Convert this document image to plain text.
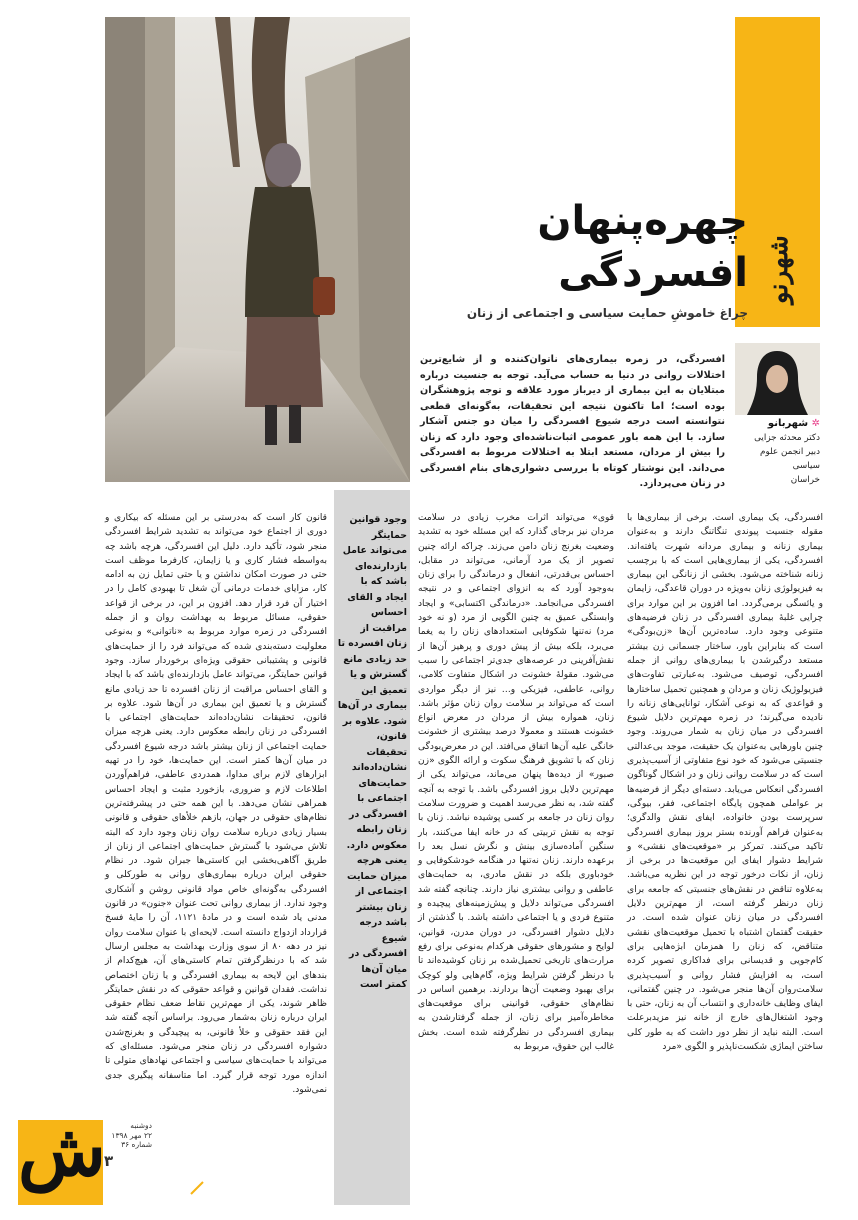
شهرنو
چهره‌پنهان
افسردگی
چراغ خاموشِ حمایت سیاسی و اجتماعی از زنان
افسردگی، در زمره بیماری‌های ناتوان‌کننده و از شایع‌ترین اختلالات روانی در دنیا به حساب می‌آید. توجه به جنسیت درباره مبتلایان به این بیماری از دیرباز مورد علاقه و توجه پژوهشگران بوده است؛ اما تاکنون نتیجه این تحقیقات، به‌گونه‌ای قطعی نتوانسته است درجه شیوع افسردگی را میان دو جنس آشکار سازد. با این همه باور عمومی اثبات‌ناشده‌ای وجود دارد که زنان را بیش از مردان، مستعد ابتلا به اختلالات مربوط به افسردگی می‌داند. این نوشتار کوتاه با بررسی دشواری‌های بنام افسردگی در زنان می‌پردازد.
✲ شهربانو
دکتر محدثه جزایی
دبیر انجمن علوم سیاسی
خراسان
وجود قوانین حمایتگر می‌تواند عامل بازدارنده‌ای باشد که با ایجاد و القای احساس مراقبت از زنان افسرده تا حد زیادی مانع گسترش و یا تعمیق این بیماری در آن‌ها شود. علاوه بر قانون، تحقیقات نشان‌داده‌اند حمایت‌های اجتماعی با افسردگی در زنان رابطه معکوس دارد. یعنی هرچه میزان حمایت اجتماعی از زنان بیشتر باشد درجه شیوع افسردگی در میان آن‌ها کمتر است
افسردگی، یک بیماری است. برخی از بیماری‌ها با مقوله جنسیت پیوندی تنگاتنگ دارند و به‌عنوان بیماری زنانه و بیماری مردانه شهرت یافته‌اند. افسردگی، یکی از بیماری‌هایی است که با برچسب زنانه شناخته می‌شود. بخشی از زنانگی این بیماری به فیزیولوژی زنان به‌ویژه در دوران قاعدگی، زایمان و یائسگی برمی‌گردد. اما افزون بر این موارد برای چرایی غلبهٔ بیماری افسردگی در زنان فرضیه‌های متنوعی وجود دارد. ساده‌ترین آن‌ها «زن‌بودگی» است که بنابراین باور، ساختار جسمانی زن بیشتر مستعد درگیرشدن با بیماری‌های روانی از جمله افسردگی، توصیف می‌شود. به‌عبارتی تفاوت‌های فیزیولوژیک زنان و مردان و همچنین تحمیل ساختارها و قواعدی که به نوعی آشکار، توانایی‌های زنانه را نادیده می‌گیرند؛ در زمره مهم‌ترین دلایل شیوع افسردگی در میان زنان به شمار می‌روند. وجود چنین باورهایی به‌عنوان یک حقیقت، موجد بی‌عدالتی جنسیتی می‌شود که خود نوع متفاوتی از آسیب‌پذیری است که در سلامت روانی زنان و در اشکال گوناگون افسردگی انعکاس می‌یابد. دسته‌ای دیگر از فرضیه‌ها بر عواملی همچون پایگاه اجتماعی، فقر، بیوگی، سرپرست بودن خانواده، ایفای نقش والدگری؛ به‌عنوان فراهم آورنده بستر بروز بیماری افسردگی تاکید می‌کنند. تمرکز بر «موقعیت‌های نقشی» و شرایط دشوار ایفای این موقعیت‌ها در برخی از زنان، از نکات درخور توجه در این نظریه می‌باشد. به‌علاوه تناقض در نقش‌های جنسیتی که جامعه برای زنان درنظر گرفته است، از مهم‌ترین دلایل افسردگی در میان زنان عنوان شده است. در حقیقت گفتمان اشتباه با تحمیل موقعیت‌های نقشی متناقض، که زنان را همزمان ابژه‌هایی برای کام‌جویی و قدیسانی برای فداکاری تصویر کرده است، به افزایش فشار روانی و آسیب‌پذیری سلامت‌روان آن‌ها منجر می‌شود. در چنین گفتمانی، ایفای وظایف خانه‌داری و انتساب آن به زنان، حتی با وجود اشتغال‌های خارج از خانه نیز مزیدبرعلت است. البته نباید از نظر دور داشت که به طور کلی ساختن ایماژی شکست‌ناپذیر و الگوی «مرد
قوی» می‌تواند اثرات مخرب زیادی در سلامت مردان نیز برجای گذارد که این مسئله خود به تشدید وضعیت بغرنج زنان دامن می‌زند. چراکه ارائه چنین تصویر از یک مرد آرمانی، می‌تواند در مقابل، احساس بی‌قدرتی، انفعال و درماندگی را برای زنان به‌وجود آورد که به انزوای اجتماعی و در نتیجه افسردگی می‌انجامد. «درماندگی اکتسابی» و ایجاد وابستگی عمیق به چنین الگویی از مرد (و نه خود مرد) نه‌تنها شکوفایی استعدادهای زنان را به یغما می‌برد، بلکه بیش از پیش دوری و پرهیز آن‌ها از نقش‌آفرینی در عرصه‌های جدی‌تر اجتماعی را سبب می‌شود. مقولهٔ خشونت در اشکال متفاوت کلامی، روانی، عاطفی، فیزیکی و… نیز از دیگر مواردی است که می‌تواند بر سلامت روان زنان مؤثر باشد. زنان، همواره بیش از مردان در معرض انواع خشونت هستند و معمولا درصد بیشتری از خشونت خانگی علیه آن‌ها اتفاق می‌افتد. این در معرض‌بودگی زنان که با تشویق فرهنگ سکوت و ارائه الگوی «زن صبور» از دیده‌ها پنهان می‌ماند، می‌تواند یکی از مهم‌ترین دلایل بروز افسردگی باشد. با توجه به آنچه گفته شد، به نظر می‌رسد اهمیت و ضرورت سلامت روان زنان در جامعه بر کسی پوشیده نباشد. زنان با توجه به نقش تربیتی که در خانه ایفا می‌کنند، بار سنگین آماده‌سازی بینش و نگرش نسل بعد را برعهده دارند. زنان نه‌تنها در هنگامه خودشکوفایی و خودباوری بلکه در نقش مادری، به حمایت‌های عاطفی و روانی بیشتری نیاز دارند. چنانچه گفته شد افسردگی می‌تواند دلایل و پیش‌زمینه‌های پیچیده و متنوع فردی و یا اجتماعی داشته باشد. با گذشتن از دلایل دشوار افسردگی، در دوران مدرن، قوانین، لوایح و مشورهای حقوقی هرکدام به‌نوعی برای رفع مرارت‌های تاریخی تحمیل‌شده بر زنان کوشیده‌اند تا با درنظر گرفتن شرایط ویژه، گام‌هایی ولو کوچک برای بهبود وضعیت آن‌ها بردارند. برهمین اساس در نظام‌های حقوقی، قوانینی برای موقعیت‌های مخاطره‌آمیز برای زنان، از جمله گرفتارشدن به بیماری افسردگی در نظرگرفته شده است. بخش غالب این حقوق، مربوط به
قانون کار است که به‌درستی بر این مسئله که بیکاری و دوری از اجتماع خود می‌تواند به تشدید شرایط افسردگی منجر شود، تأکید دارد. دلیل این افسردگی، هرچه باشد چه به‌واسطه فشار کاری و یا زایمان، کارفرما موظف است حتی در صورت امکان نداشتن و یا حتی تمایل زن به ادامه کار، مزایای خدمات درمانی آن شغل تا بهبودی کامل را در اختیار آن فرد قرار دهد. افزون بر این، در برخی از قواعد حقوقی، مسائل مربوط به بهداشت روان و از جمله افسردگی در زمره موارد مربوط به «ناتوانی» و به‌نوعی معلولیت دسته‌بندی شده که می‌تواند فرد را از حمایت‌های قانونی و پشتیبانی حقوقی ویژه‌ای برخوردار سازد. وجود قوانین حمایتگر، می‌تواند عامل بازدارنده‌ای باشد که با ایجاد و القای احساس مراقبت از زنان افسرده تا حد زیادی مانع گسترش و یا تعمیق این بیماری در آن‌ها شود. علاوه بر قانون، تحقیقات نشان‌داده‌اند حمایت‌های اجتماعی با افسردگی در زنان رابطه معکوس دارد. یعنی هرچه میزان حمایت اجتماعی از زنان بیشتر باشد درجه شیوع افسردگی در میان آن‌ها کمتر است. این حمایت‌ها، خود را در تهیه ابزارهای لازم برای مداوا، همدردی عاطفی، فراهم‌آوردن اطلاعات لازم و ضروری، بازخورد مثبت و ایجاد احساس همراهی نشان می‌دهد. با این همه حتی در پیشرفته‌ترین نظام‌های حقوقی در جهان، بازهم خلأهای حقوقی و قانونی بسیار زیادی درباره سلامت روان زنان وجود دارد که البته تلاش می‌شود با گسترش حمایت‌های اجتماعی از زنان از طریق آگاهی‌بخشی این کاستی‌ها جبران شود. در نظام حقوقی ایران درباره بیماری‌های روانی به طورکلی و افسردگی به‌گونه‌ای خاص مواد قانونی روشن و آشکاری وجود ندارد. از بیماری روانی تحت عنوان «جنون» در قانون مدنی یاد شده است و در مادهٔ ۱۱۲۱، آن را مایهٔ فسخ قرارداد ازدواج دانسته است. لایحه‌ای با عنوان سلامت روان نیز در دهه ۸۰ از سوی وزارت بهداشت به مجلس ارسال شد که با درنظرگرفتن تمام کاستی‌های آن، هیچ‌کدام از بندهای این لایحه به بیماری افسردگی و یا زنان اختصاص نداشت. فقدان قوانین و قواعد حقوقی که در نقش حمایتگر ظاهر شوند، یکی از مهم‌ترین نقاط ضعف نظام حقوقی ایران درباره زنان به‌شمار می‌رود. براساس آنچه گفته شد این فقد حقوقی و خلأ قانونی، به پیچیدگی و بغرنج‌شدن دشواره افسردگی در زنان منجر می‌شود. مسئله‌ای که می‌تواند با حمایت‌های سیاسی و اجتماعی نهادهای متولی تا اندازه مورد توجه قرار گیرد. اما متاسفانه پیگیری جدی نمی‌شود.
ش	دوشنبه
۲۲ مهر ۱۳۹۸
شماره ۳۶
۳
